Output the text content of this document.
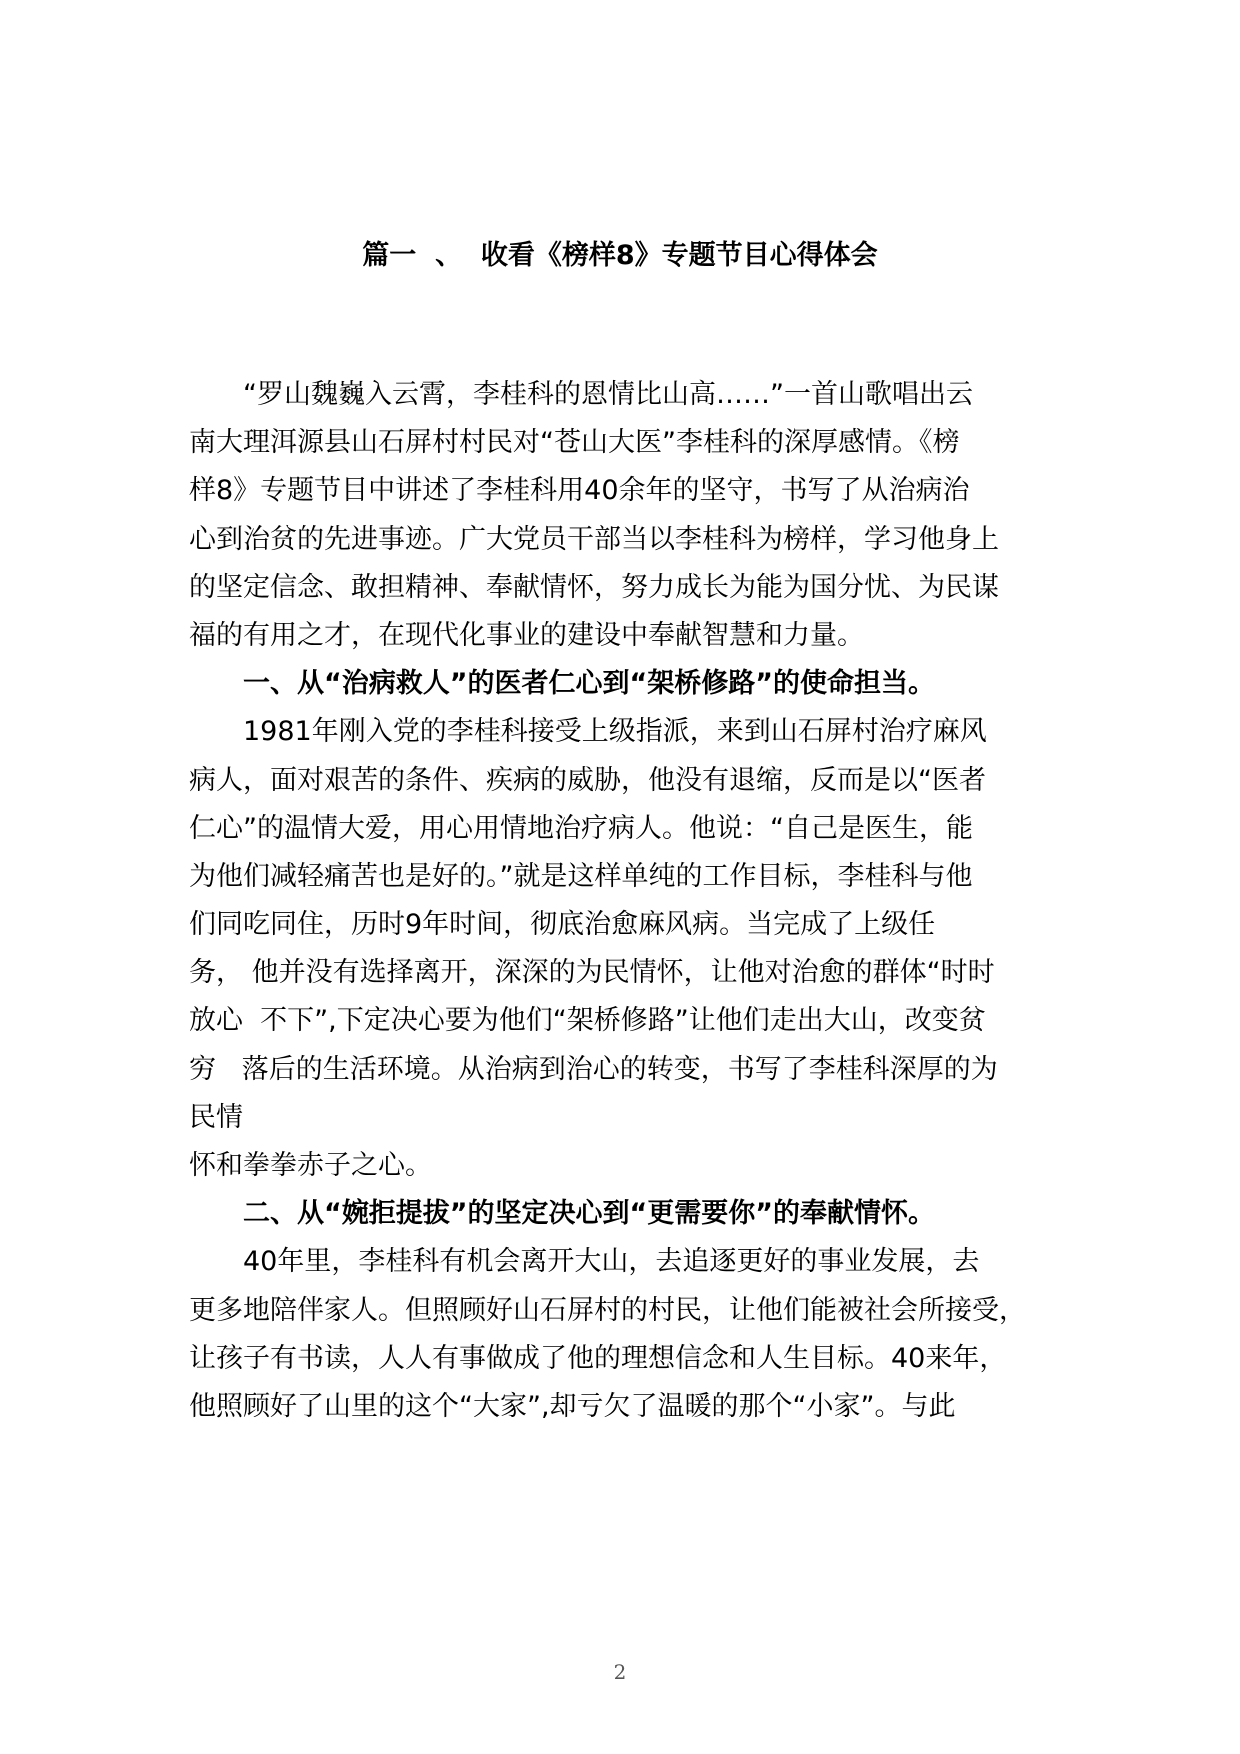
篇一  、  收看《榜样8》专题节目心得体会
“罗山魏巍入云霄，李桂科的恩情比山高……”一首山歌唱出云
南大理洱源县山石屏村村民对“苍山大医”李桂科的深厚感情。《榜
样8》专题节目中讲述了李桂科用40余年的坚守，书写了从治病治
心到治贫的先进事迹。广大党员干部当以李桂科为榜样，学习他身上
的坚定信念、敢担精神、奉献情怀，努力成长为能为国分忧、为民谋
福的有用之才，在现代化事业的建设中奉献智慧和力量。
一、从“治病救人”的医者仁心到“架桥修路”的使命担当。
1981年刚入党的李桂科接受上级指派，来到山石屏村治疗麻风
病人，面对艰苦的条件、疾病的威胁，他没有退缩，反而是以“医者
仁心”的温情大爱，用心用情地治疗病人。他说：“自己是医生，能
为他们减轻痛苦也是好的。”就是这样单纯的工作目标，李桂科与他
们同吃同住，历时9年时间，彻底治愈麻风病。当完成了上级任
务， 他并没有选择离开，深深的为民情怀，让他对治愈的群体“时时
放心  不下”,下定决心要为他们“架桥修路”让他们走出大山，改变贫
穷   落后的生活环境。从治病到治心的转变，书写了李桂科深厚的为
民情
怀和拳拳赤子之心。
二、从“婉拒提拔”的坚定决心到“更需要你”的奉献情怀。
40年里，李桂科有机会离开大山，去追逐更好的事业发展，去
更多地陪伴家人。但照顾好山石屏村的村民，让他们能被社会所接受，
让孩子有书读，人人有事做成了他的理想信念和人生目标。40来年，
他照顾好了山里的这个“大家”,却亏欠了温暖的那个“小家”。与此
2
